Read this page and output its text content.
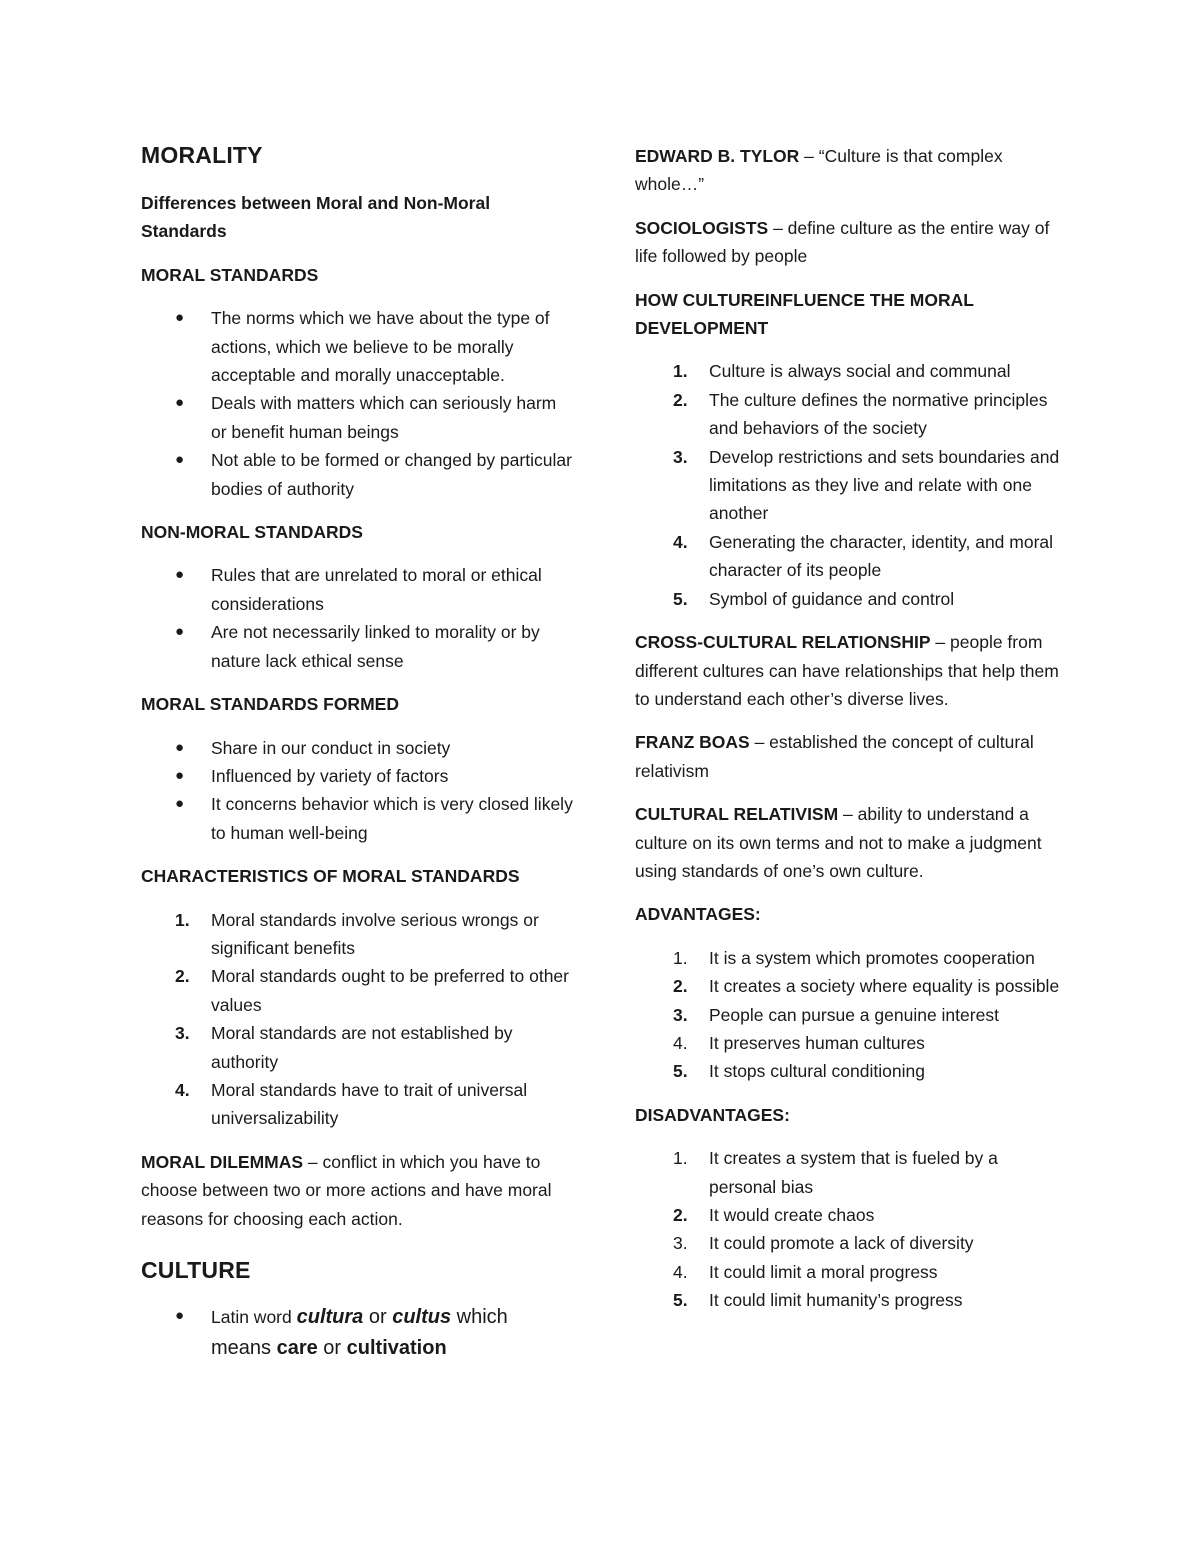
MORALITY
Differences between Moral and Non-Moral Standards
MORAL STANDARDS
● The norms which we have about the type of actions, which we believe to be morally acceptable and morally unacceptable.
● Deals with matters which can seriously harm or benefit human beings
● Not able to be formed or changed by particular bodies of authority
NON-MORAL STANDARDS
● Rules that are unrelated to moral or ethical considerations
● Are not necessarily linked to morality or by nature lack ethical sense
MORAL STANDARDS FORMED
● Share in our conduct in society
● Influenced by variety of factors
● It concerns behavior which is very closed likely to human well-being
CHARACTERISTICS OF MORAL STANDARDS
1. Moral standards involve serious wrongs or significant benefits
2. Moral standards ought to be preferred to other values
3. Moral standards are not established by authority
4. Moral standards have to trait of universal universalizability
MORAL DILEMMAS – conflict in which you have to choose between two or more actions and have moral reasons for choosing each action.
CULTURE
● Latin word cultura or cultus which means care or cultivation
EDWARD B. TYLOR – “Culture is that complex whole…”
SOCIOLOGISTS – define culture as the entire way of life followed by people
HOW CULTUREINFLUENCE THE MORAL DEVELOPMENT
1. Culture is always social and communal
2. The culture defines the normative principles and behaviors of the society
3. Develop restrictions and sets boundaries and limitations as they live and relate with one another
4. Generating the character, identity, and moral character of its people
5. Symbol of guidance and control
CROSS-CULTURAL RELATIONSHIP – people from different cultures can have relationships that help them to understand each other’s diverse lives.
FRANZ BOAS – established the concept of cultural relativism
CULTURAL RELATIVISM – ability to understand a culture on its own terms and not to make a judgment using standards of one’s own culture.
ADVANTAGES:
1. It is a system which promotes cooperation
2. It creates a society where equality is possible
3. People can pursue a genuine interest
4. It preserves human cultures
5. It stops cultural conditioning
DISADVANTAGES:
1. It creates a system that is fueled by a personal bias
2. It would create chaos
3. It could promote a lack of diversity
4. It could limit a moral progress
5. It could limit humanity’s progress
